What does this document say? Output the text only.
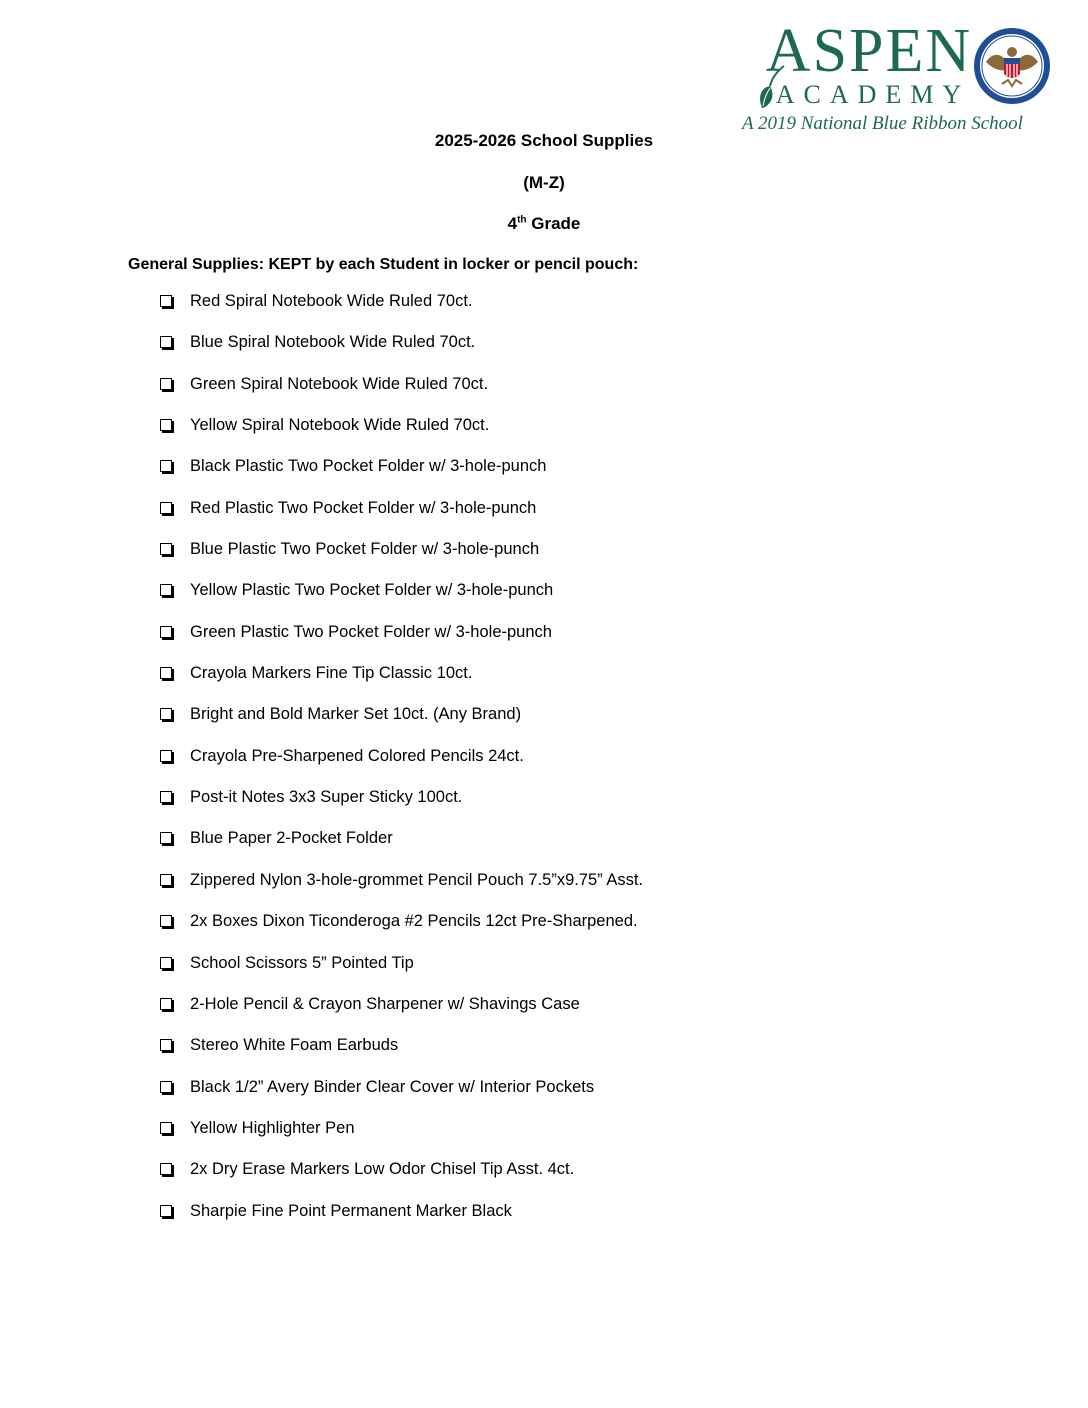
ASPEN
ACADEMY
A 2019 National Blue Ribbon School
2025-2026 School Supplies
(M-Z)
4th Grade
General Supplies: KEPT by each Student in locker or pencil pouch:
Red Spiral Notebook Wide Ruled 70ct.
Blue Spiral Notebook Wide Ruled 70ct.
Green Spiral Notebook Wide Ruled 70ct.
Yellow Spiral Notebook Wide Ruled 70ct.
Black Plastic Two Pocket Folder w/ 3-hole-punch
Red Plastic Two Pocket Folder w/ 3-hole-punch
Blue Plastic Two Pocket Folder w/ 3-hole-punch
Yellow Plastic Two Pocket Folder w/ 3-hole-punch
Green Plastic Two Pocket Folder w/ 3-hole-punch
Crayola Markers Fine Tip Classic 10ct.
Bright and Bold Marker Set 10ct. (Any Brand)
Crayola Pre-Sharpened Colored Pencils 24ct.
Post-it Notes 3x3 Super Sticky 100ct.
Blue Paper 2-Pocket Folder
Zippered Nylon 3-hole-grommet Pencil Pouch 7.5”x9.75” Asst.
2x Boxes Dixon Ticonderoga #2 Pencils 12ct Pre-Sharpened.
School Scissors 5” Pointed Tip
2-Hole Pencil & Crayon Sharpener w/ Shavings Case
Stereo White Foam Earbuds
Black 1/2” Avery Binder Clear Cover w/ Interior Pockets
Yellow Highlighter Pen
2x Dry Erase Markers Low Odor Chisel Tip Asst. 4ct.
Sharpie Fine Point Permanent Marker Black
